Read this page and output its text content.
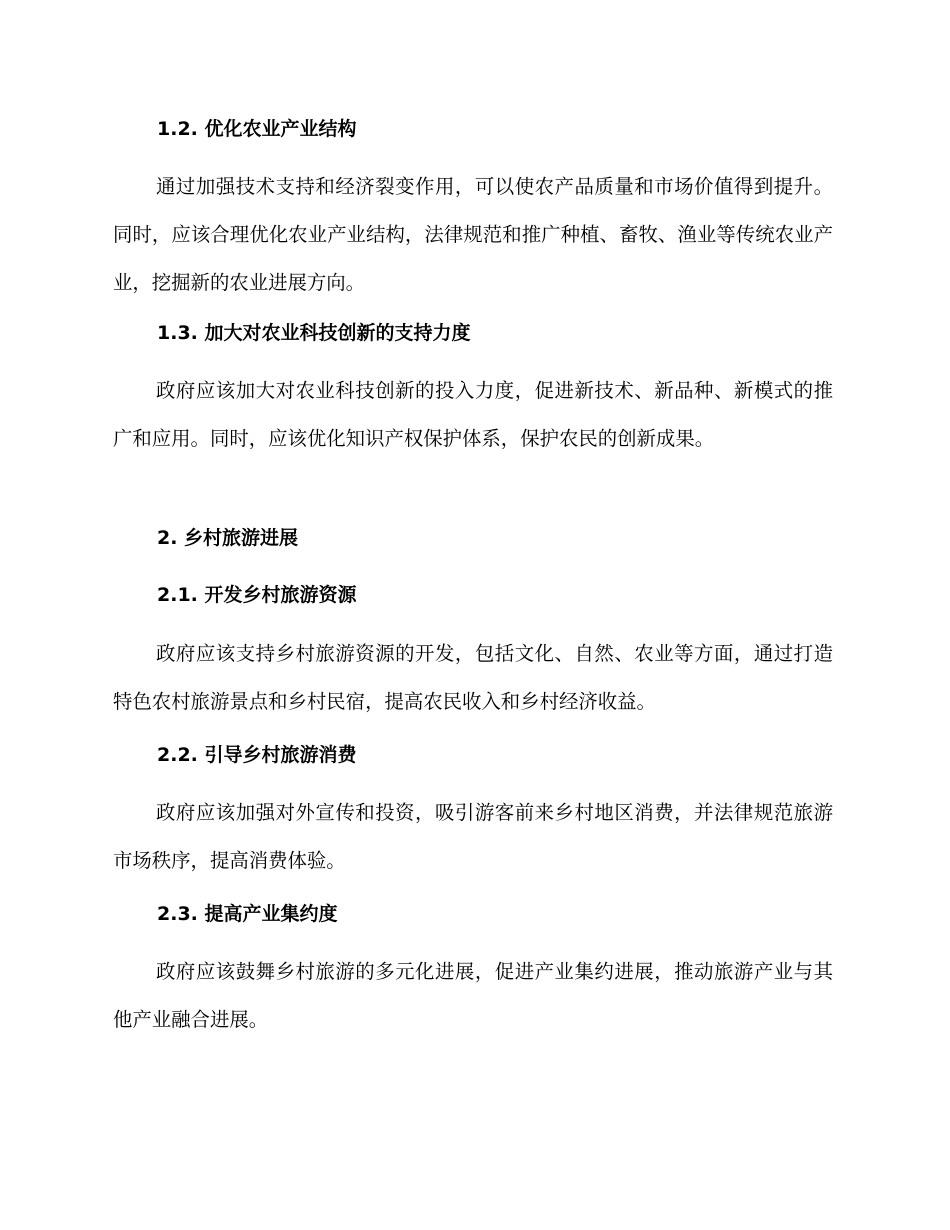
1.2. 优化农业产业结构

通过加强技术支持和经济裂变作用，可以使农产品质量和市场价值得到提升。同时，应该合理优化农业产业结构，法律规范和推广种植、畜牧、渔业等传统农业产业，挖掘新的农业进展方向。

1.3. 加大对农业科技创新的支持力度

政府应该加大对农业科技创新的投入力度，促进新技术、新品种、新模式的推广和应用。同时，应该优化知识产权保护体系，保护农民的创新成果。

2. 乡村旅游进展
2.1. 开发乡村旅游资源

政府应该支持乡村旅游资源的开发，包括文化、自然、农业等方面，通过打造特色农村旅游景点和乡村民宿，提高农民收入和乡村经济收益。

2.2. 引导乡村旅游消费

政府应该加强对外宣传和投资，吸引游客前来乡村地区消费，并法律规范旅游市场秩序，提高消费体验。

2.3. 提高产业集约度

政府应该鼓舞乡村旅游的多元化进展，促进产业集约进展，推动旅游产业与其他产业融合进展。
